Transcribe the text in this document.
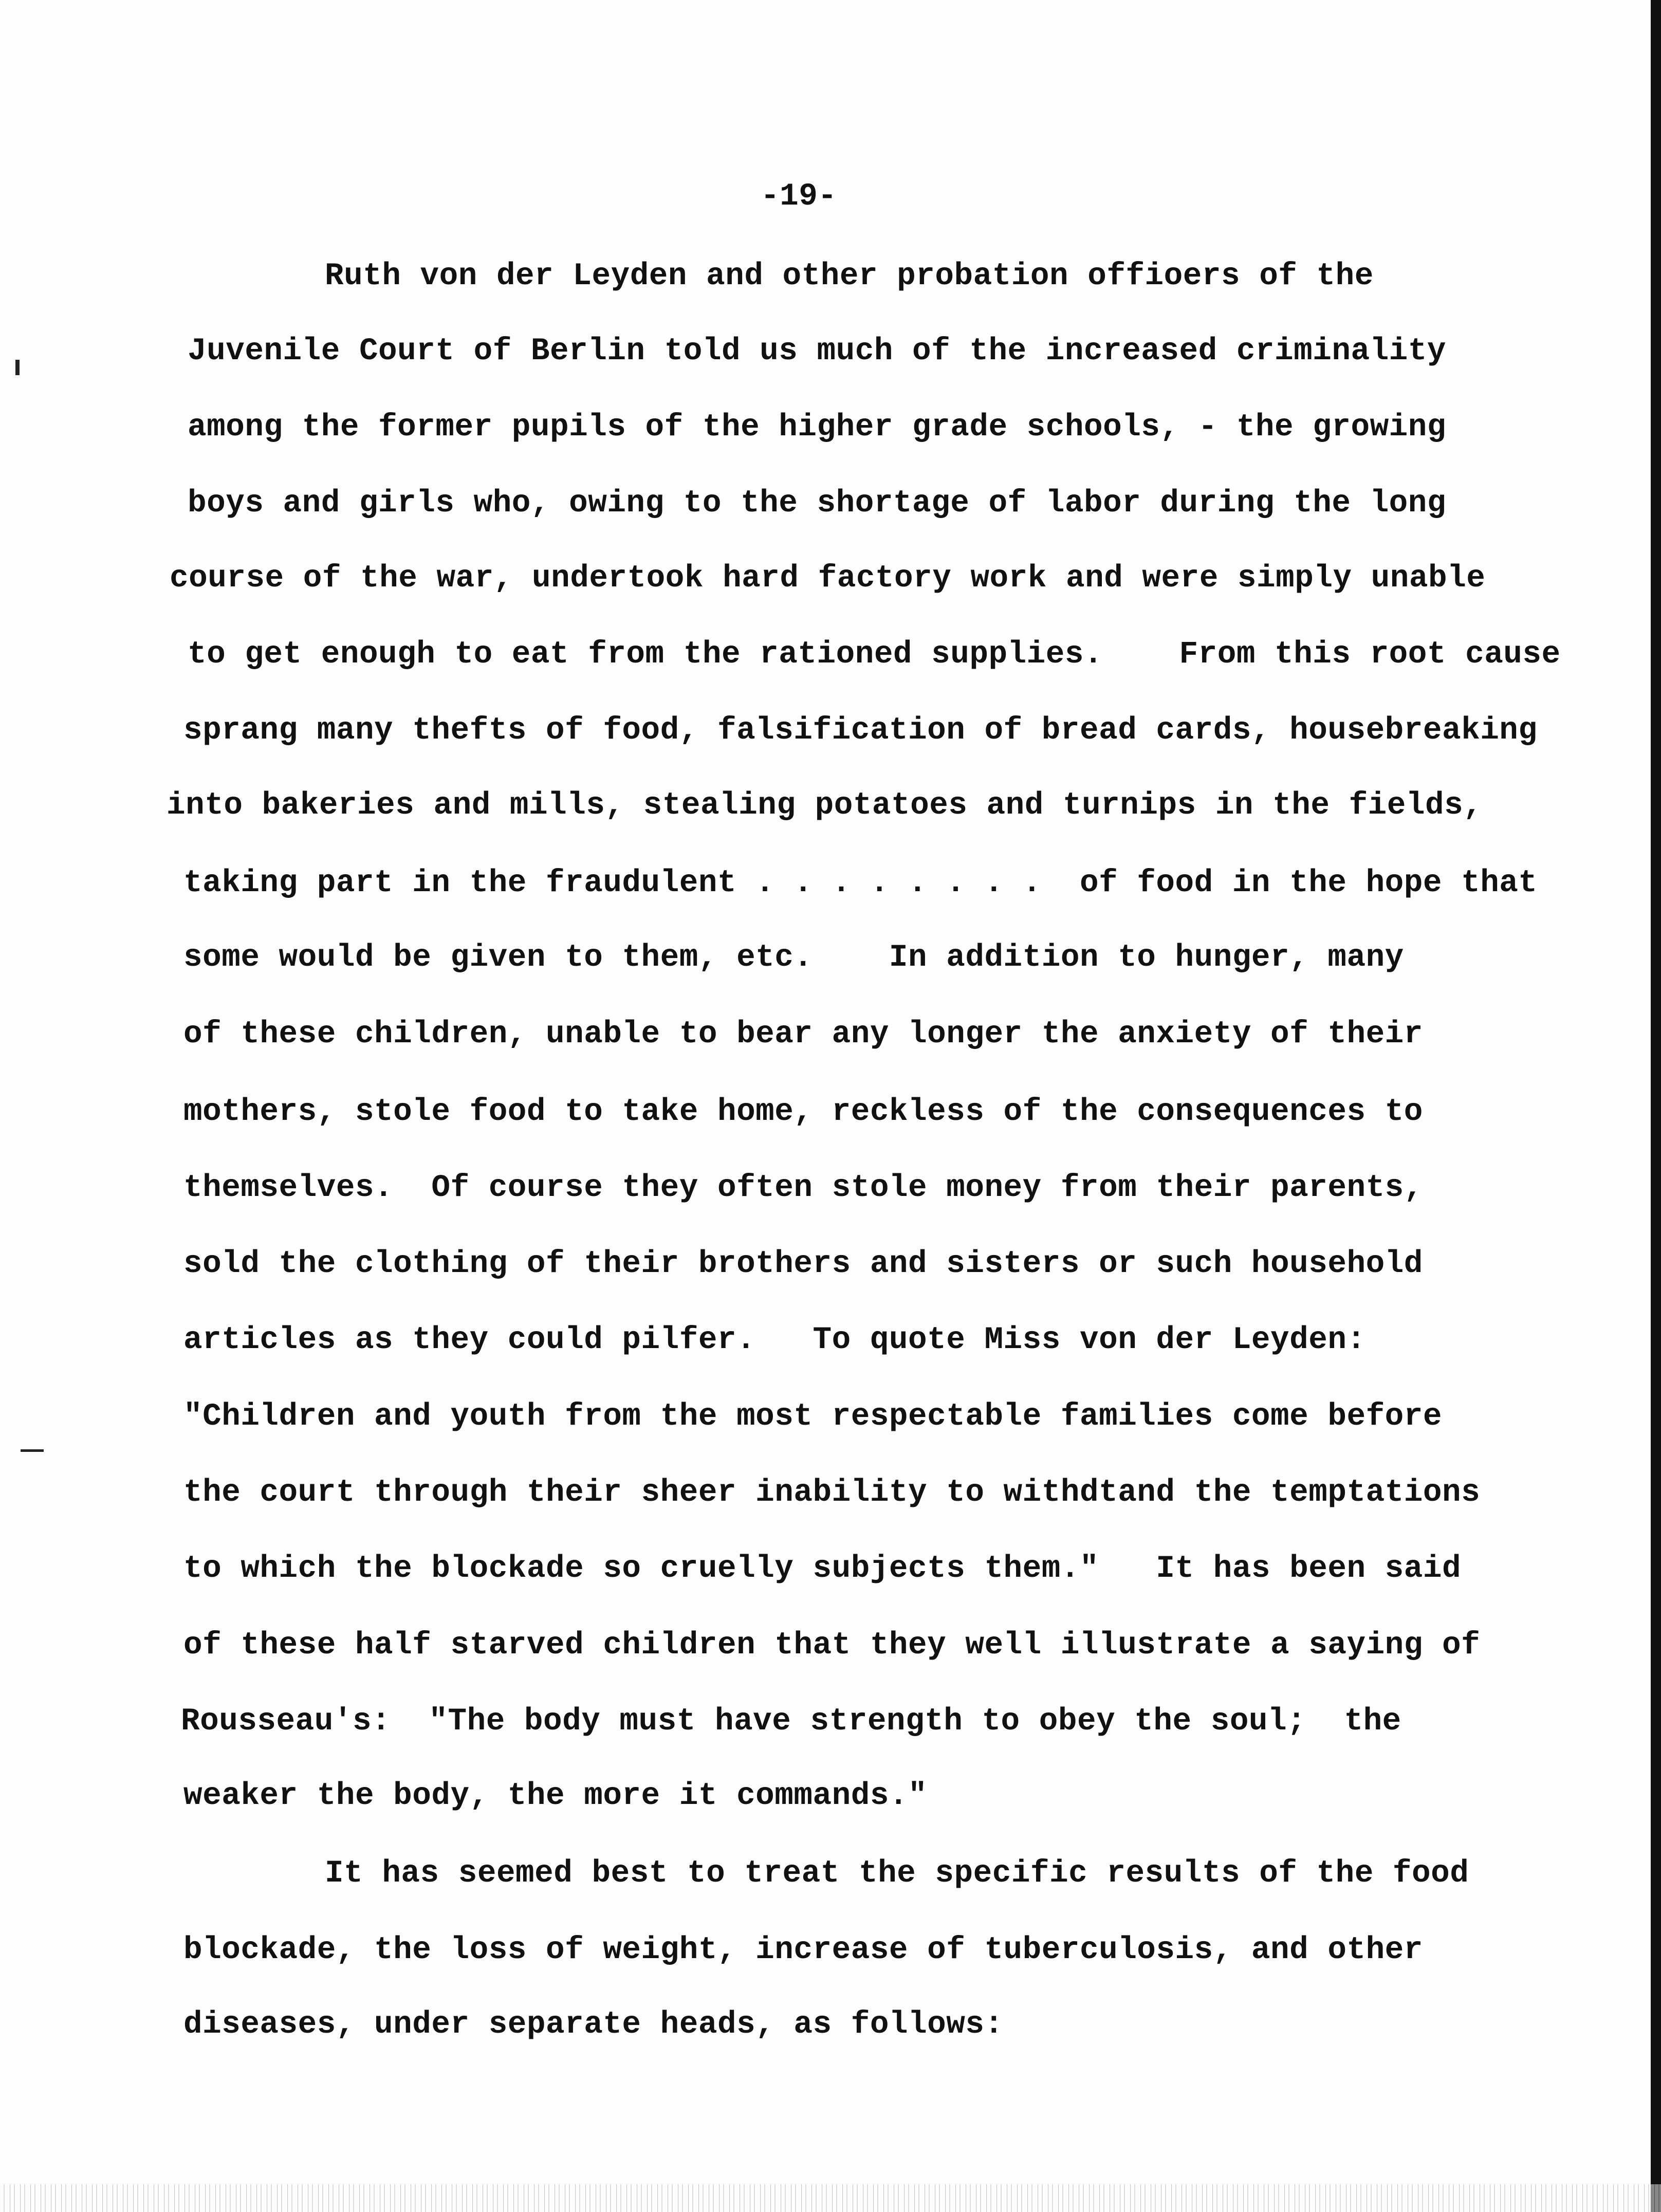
-19-
Ruth von der Leyden and other probation offioers of the
Juvenile Court of Berlin told us much of the increased criminality
among the former pupils of the higher grade schools, - the growing
boys and girls who, owing to the shortage of labor during the long
course of the war, undertook hard factory work and were simply unable
to get enough to eat from the rationed supplies.    From this root cause
sprang many thefts of food, falsification of bread cards, housebreaking
into bakeries and mills, stealing potatoes and turnips in the fields,
taking part in the fraudulent . . . . . . . .  of food in the hope that
some would be given to them, etc.    In addition to hunger, many
of these children, unable to bear any longer the anxiety of their
mothers, stole food to take home, reckless of the consequences to
themselves.  Of course they often stole money from their parents,
sold the clothing of their brothers and sisters or such household
articles as they could pilfer.   To quote Miss von der Leyden:
"Children and youth from the most respectable families come before
the court through their sheer inability to withdtand the temptations
to which the blockade so cruelly subjects them."   It has been said
of these half starved children that they well illustrate a saying of
Rousseau's:  "The body must have strength to obey the soul;  the
weaker the body, the more it commands."
It has seemed best to treat the specific results of the food
blockade, the loss of weight, increase of tuberculosis, and other
diseases, under separate heads, as follows:
